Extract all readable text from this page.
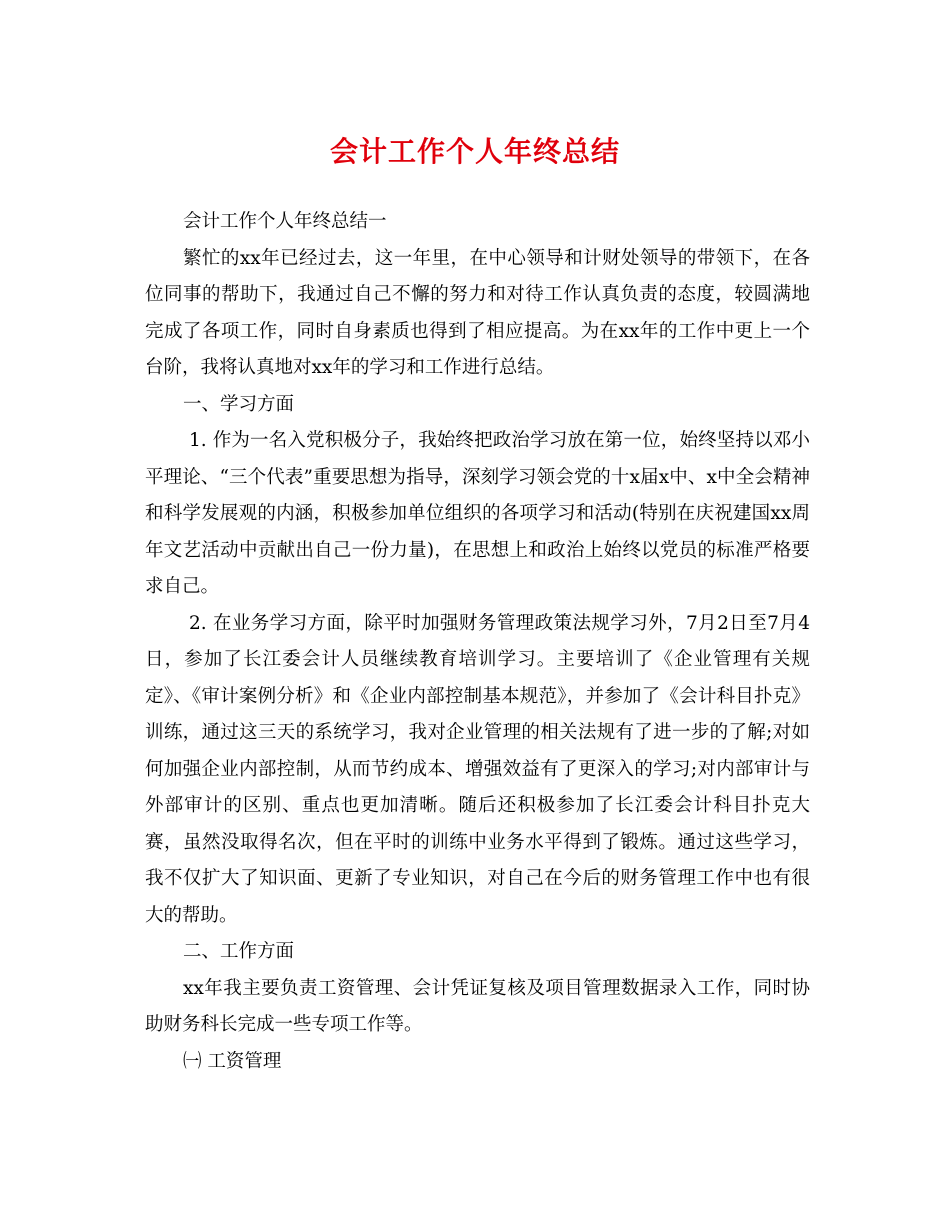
会计工作个人年终总结

会计工作个人年终总结一

繁忙的xx年已经过去，这一年里，在中心领导和计财处领导的带领下，在各位同事的帮助下，我通过自己不懈的努力和对待工作认真负责的态度，较圆满地完成了各项工作，同时自身素质也得到了相应提高。为在xx年的工作中更上一个台阶，我将认真地对xx年的学习和工作进行总结。

一、学习方面

1. 作为一名入党积极分子，我始终把政治学习放在第一位，始终坚持以邓小平理论、“三个代表”重要思想为指导，深刻学习领会党的十x届x中、x中全会精神和科学发展观的内涵，积极参加单位组织的各项学习和活动(特别在庆祝建国xx周年文艺活动中贡献出自己一份力量)，在思想上和政治上始终以党员的标准严格要求自己。

2. 在业务学习方面，除平时加强财务管理政策法规学习外，7月2日至7月4日，参加了长江委会计人员继续教育培训学习。主要培训了《企业管理有关规定》、《审计案例分析》和《企业内部控制基本规范》，并参加了《会计科目扑克》训练，通过这三天的系统学习，我对企业管理的相关法规有了进一步的了解;对如何加强企业内部控制，从而节约成本、增强效益有了更深入的学习;对内部审计与外部审计的区别、重点也更加清晰。随后还积极参加了长江委会计科目扑克大赛，虽然没取得名次，但在平时的训练中业务水平得到了锻炼。通过这些学习，我不仅扩大了知识面、更新了专业知识，对自己在今后的财务管理工作中也有很大的帮助。

二、工作方面

xx年我主要负责工资管理、会计凭证复核及项目管理数据录入工作，同时协助财务科长完成一些专项工作等。

㈠ 工资管理
